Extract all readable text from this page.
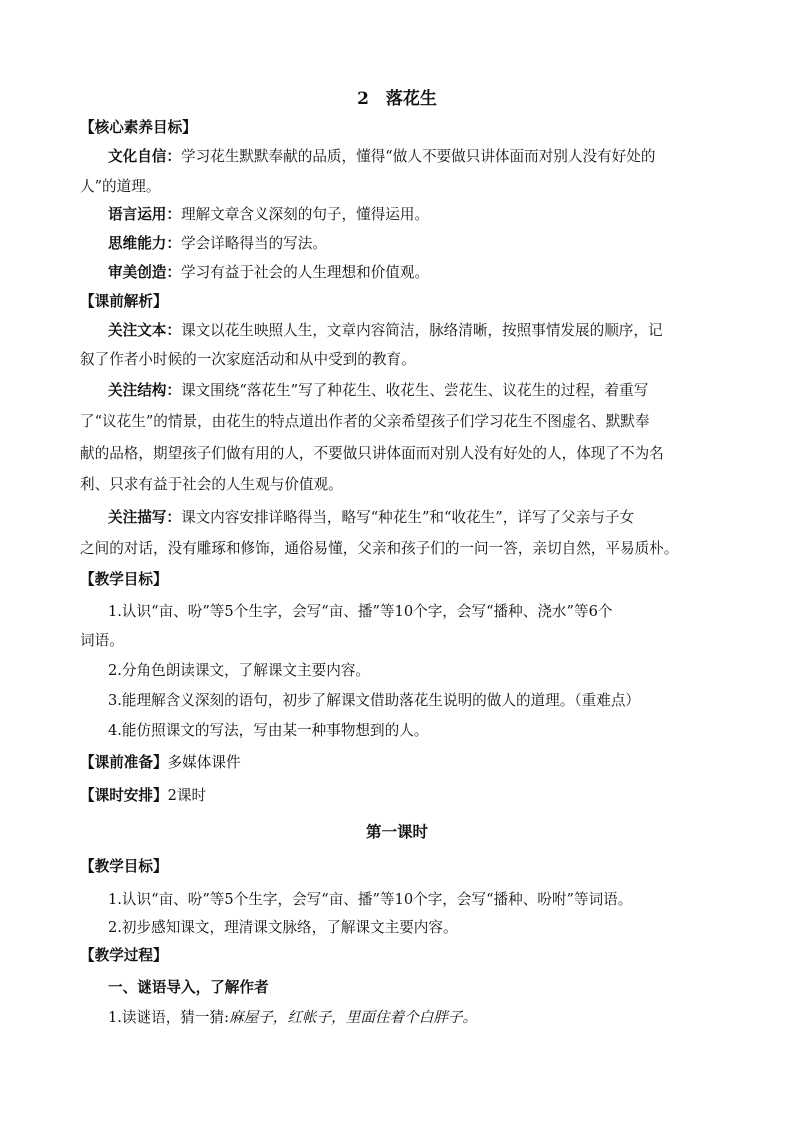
2　落花生
【核心素养目标】
文化自信：学习花生默默奉献的品质，懂得“做人不要做只讲体面而对别人没有好处的
人”的道理。
语言运用：理解文章含义深刻的句子，懂得运用。
思维能力：学会详略得当的写法。
审美创造：学习有益于社会的人生理想和价值观。
【课前解析】
关注文本：课文以花生映照人生，文章内容简洁，脉络清晰，按照事情发展的顺序，记
叙了作者小时候的一次家庭活动和从中受到的教育。
关注结构：课文围绕“落花生”写了种花生、收花生、尝花生、议花生的过程，着重写
了“议花生”的情景，由花生的特点道出作者的父亲希望孩子们学习花生不图虚名、默默奉
献的品格，期望孩子们做有用的人，不要做只讲体面而对别人没有好处的人，体现了不为名
利、只求有益于社会的人生观与价值观。
关注描写：课文内容安排详略得当，略写“种花生”和“收花生”，详写了父亲与子女
之间的对话，没有雕琢和修饰，通俗易懂，父亲和孩子们的一问一答，亲切自然，平易质朴。
【教学目标】
1.认识“亩、吩”等5个生字，会写“亩、播”等10个字，会写“播种、浇水”等6个
词语。
2.分角色朗读课文，了解课文主要内容。
3.能理解含义深刻的语句，初步了解课文借助落花生说明的做人的道理。（重难点）
4.能仿照课文的写法，写由某一种事物想到的人。
【课前准备】多媒体课件
【课时安排】2课时
第一课时
【教学目标】
1.认识“亩、吩”等5个生字，会写“亩、播”等10个字，会写“播种、吩咐”等词语。
2.初步感知课文，理清课文脉络，了解课文主要内容。
【教学过程】
一、谜语导入，了解作者
1.读谜语，猜一猜:麻屋子，红帐子，里面住着个白胖子。
